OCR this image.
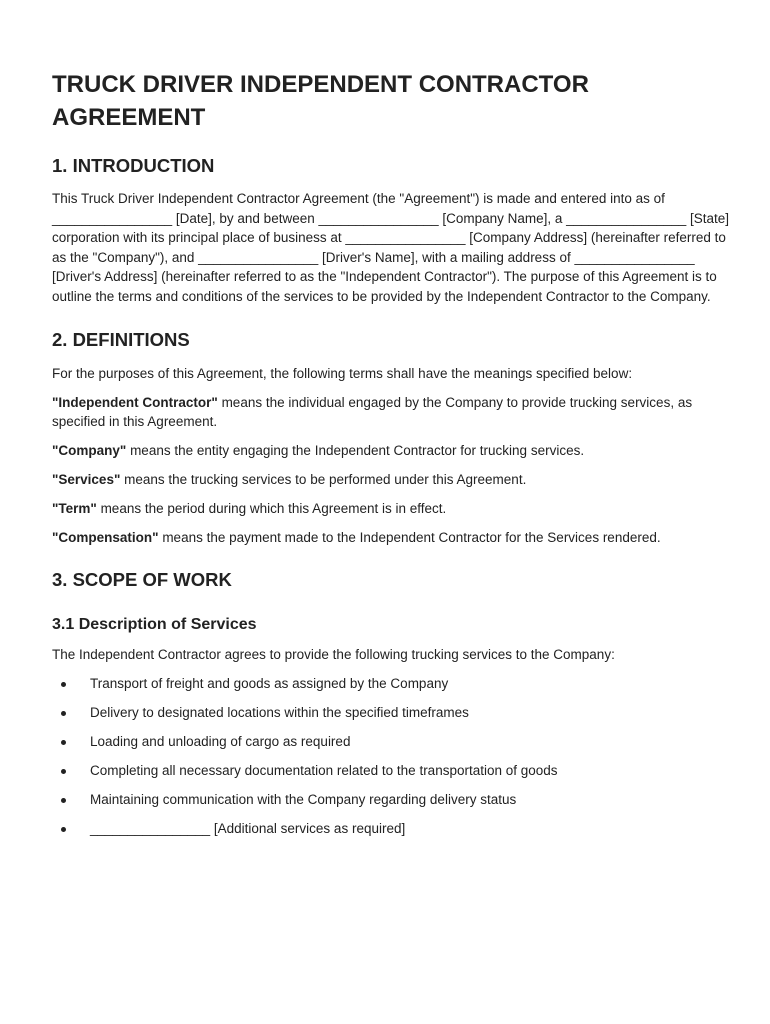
TRUCK DRIVER INDEPENDENT CONTRACTOR AGREEMENT
1. INTRODUCTION

This Truck Driver Independent Contractor Agreement (the "Agreement") is made and entered into as of ________________ [Date], by and between ________________ [Company Name], a ________________ [State] corporation with its principal place of business at ________________ [Company Address] (hereinafter referred to as the "Company"), and ________________ [Driver's Name], with a mailing address of ________________ [Driver's Address] (hereinafter referred to as the "Independent Contractor"). The purpose of this Agreement is to outline the terms and conditions of the services to be provided by the Independent Contractor to the Company.

2. DEFINITIONS

For the purposes of this Agreement, the following terms shall have the meanings specified below:

"Independent Contractor" means the individual engaged by the Company to provide trucking services, as specified in this Agreement.

"Company" means the entity engaging the Independent Contractor for trucking services.

"Services" means the trucking services to be performed under this Agreement.

"Term" means the period during which this Agreement is in effect.

"Compensation" means the payment made to the Independent Contractor for the Services rendered.

3. SCOPE OF WORK
3.1 Description of Services

The Independent Contractor agrees to provide the following trucking services to the Company:

Transport of freight and goods as assigned by the Company
Delivery to designated locations within the specified timeframes
Loading and unloading of cargo as required
Completing all necessary documentation related to the transportation of goods
Maintaining communication with the Company regarding delivery status
________________ [Additional services as required]
